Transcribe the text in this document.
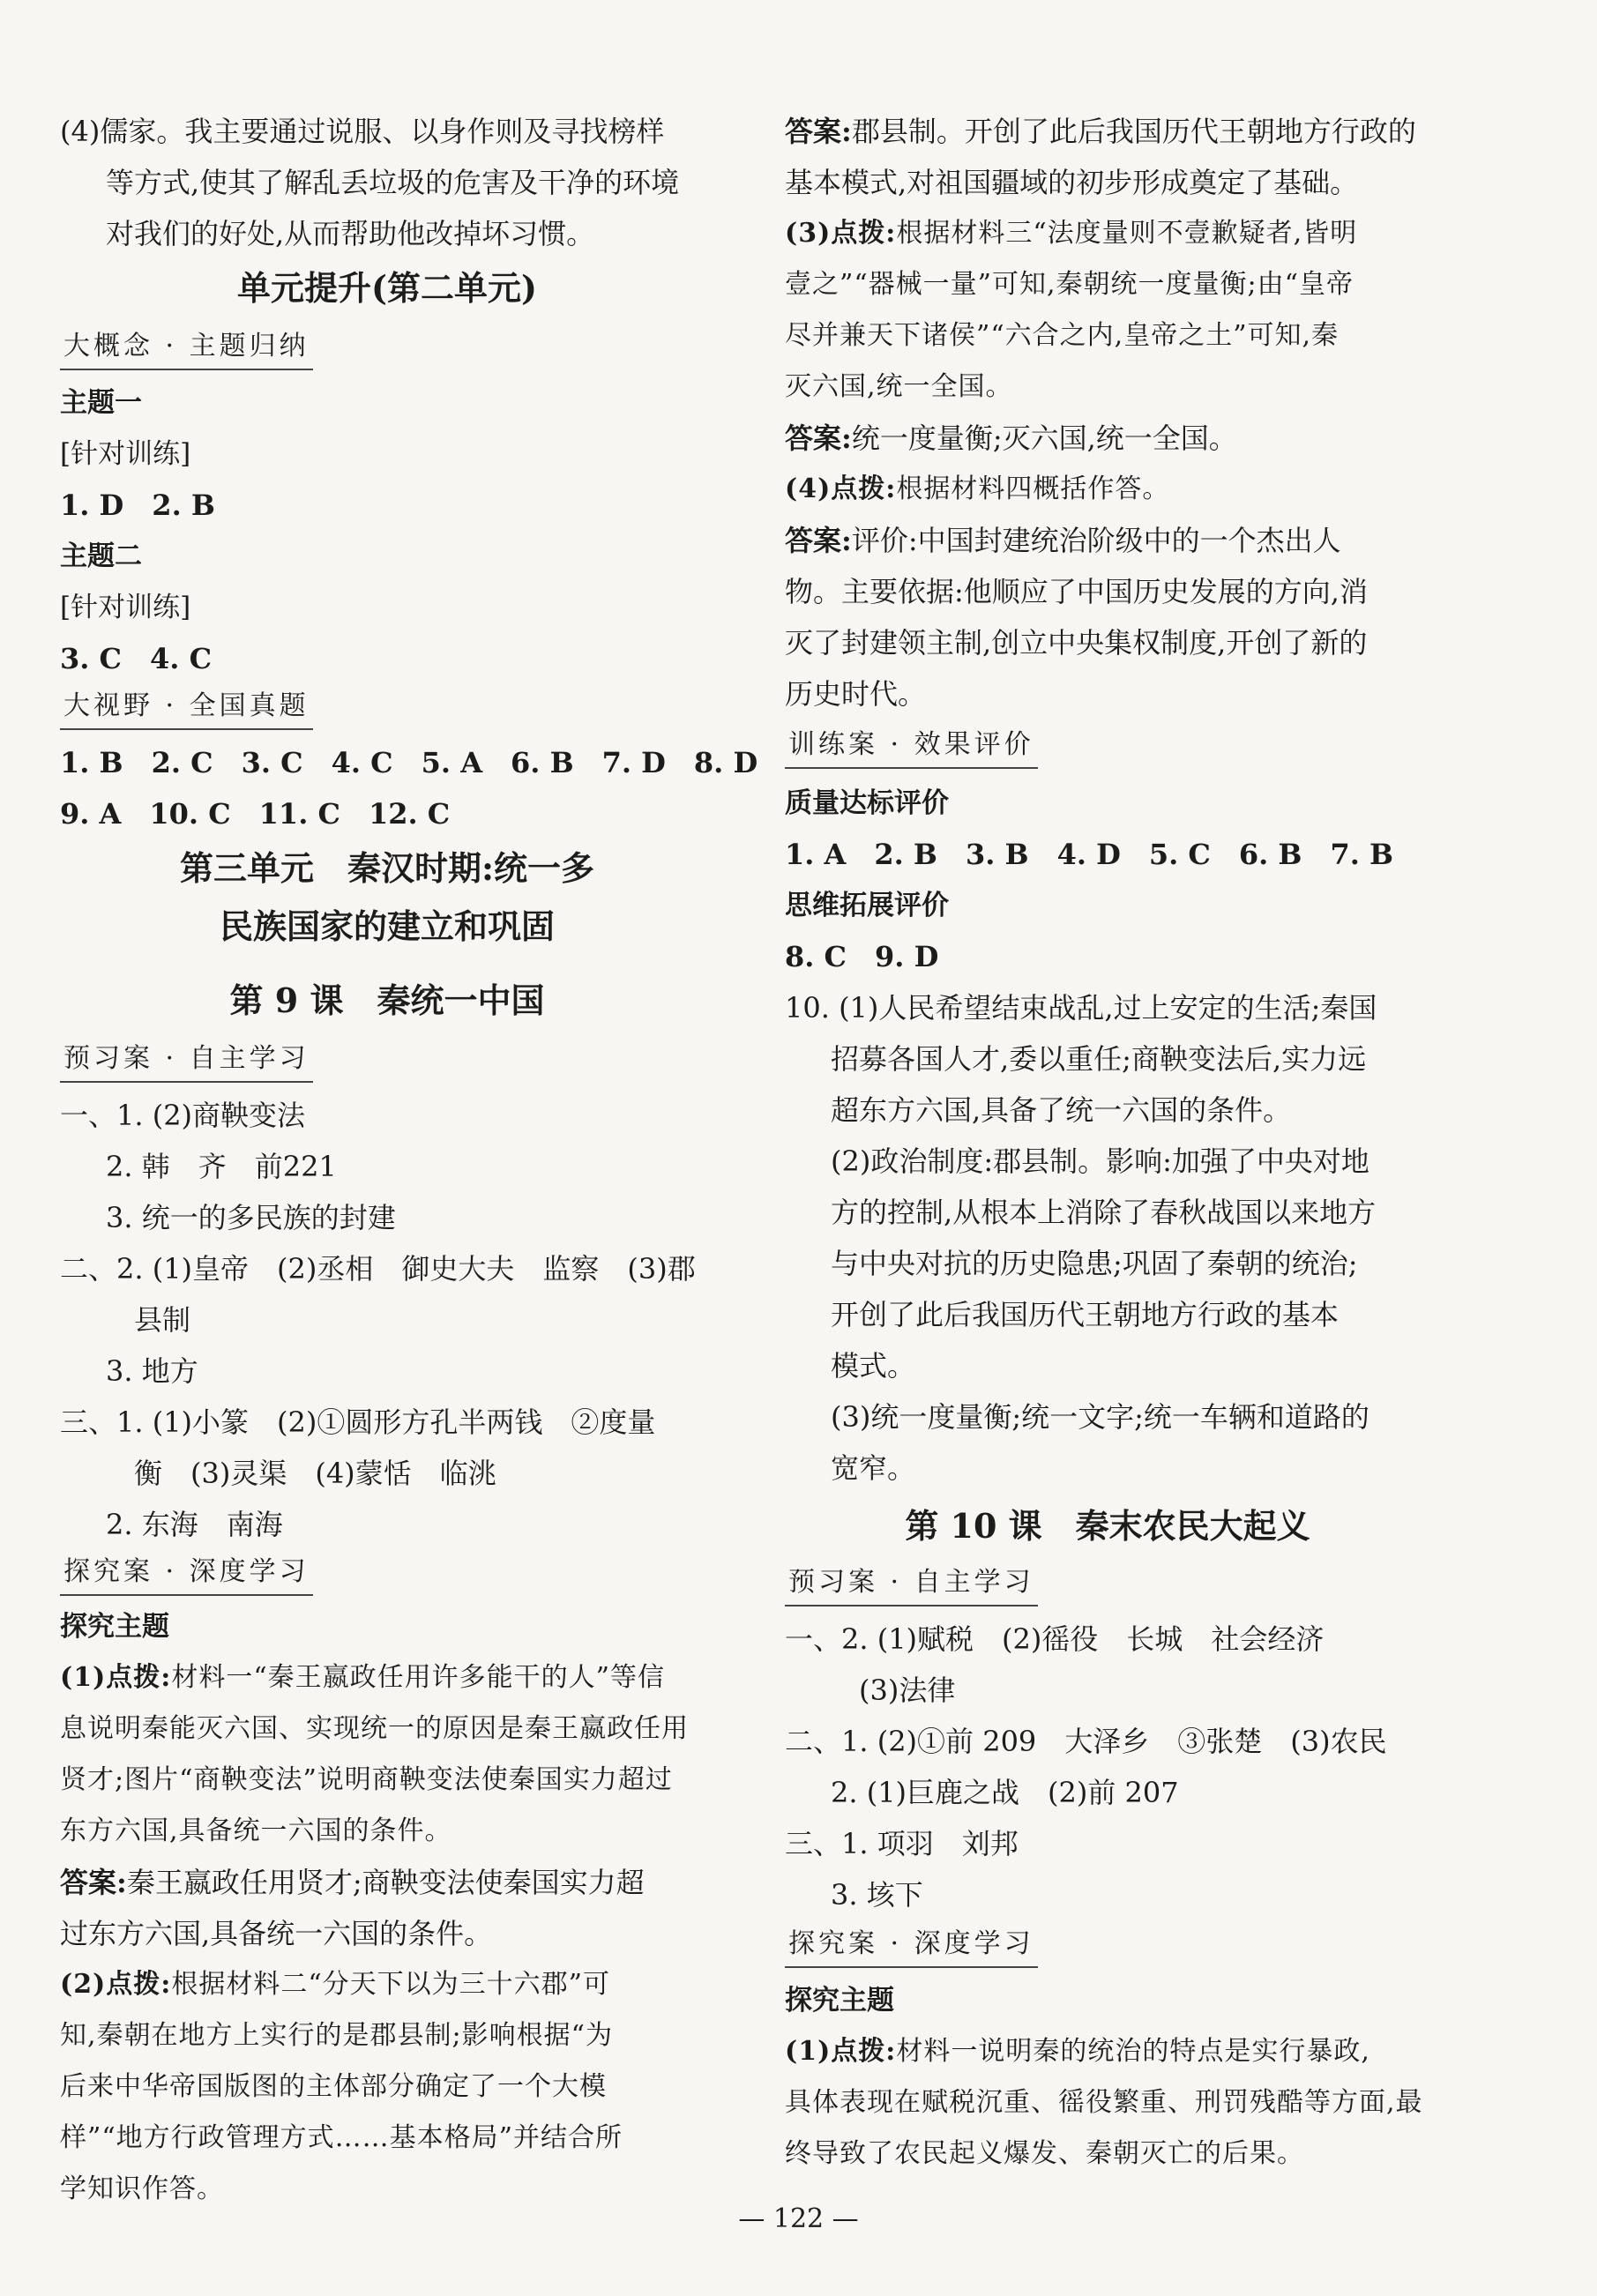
(4)儒家。我主要通过说服、以身作则及寻找榜样

等方式,使其了解乱丢垃圾的危害及干净的环境

对我们的好处,从而帮助他改掉坏习惯。

单元提升(第二单元)
大概念 · 主题归纳

主题一

[针对训练]

1. D　2. B

主题二

[针对训练]

3. C　4. C

大视野 · 全国真题

1. B　2. C　3. C　4. C　5. A　6. B　7. D　8. D

9. A　10. C　11. C　12. C

第三单元　秦汉时期:统一多
民族国家的建立和巩固
第 9 课　秦统一中国
预习案 · 自主学习

一、1. (2)商鞅变法

2. 韩　齐　前221

3. 统一的多民族的封建

二、2. (1)皇帝　(2)丞相　御史大夫　监察　(3)郡

县制

3. 地方

三、1. (1)小篆　(2)①圆形方孔半两钱　②度量

衡　(3)灵渠　(4)蒙恬　临洮

2. 东海　南海

探究案 · 深度学习

探究主题

(1)点拨:材料一“秦王嬴政任用许多能干的人”等信

息说明秦能灭六国、实现统一的原因是秦王嬴政任用

贤才;图片“商鞅变法”说明商鞅变法使秦国实力超过

东方六国,具备统一六国的条件。

答案:秦王嬴政任用贤才;商鞅变法使秦国实力超

过东方六国,具备统一六国的条件。

(2)点拨:根据材料二“分天下以为三十六郡”可

知,秦朝在地方上实行的是郡县制;影响根据“为

后来中华帝国版图的主体部分确定了一个大模

样”“地方行政管理方式……基本格局”并结合所

学知识作答。

答案:郡县制。开创了此后我国历代王朝地方行政的

基本模式,对祖国疆域的初步形成奠定了基础。

(3)点拨:根据材料三“法度量则不壹歉疑者,皆明

壹之”“器械一量”可知,秦朝统一度量衡;由“皇帝

尽并兼天下诸侯”“六合之内,皇帝之土”可知,秦

灭六国,统一全国。

答案:统一度量衡;灭六国,统一全国。

(4)点拨:根据材料四概括作答。

答案:评价:中国封建统治阶级中的一个杰出人

物。主要依据:他顺应了中国历史发展的方向,消

灭了封建领主制,创立中央集权制度,开创了新的

历史时代。

训练案 · 效果评价

质量达标评价

1. A　2. B　3. B　4. D　5. C　6. B　7. B

思维拓展评价

8. C　9. D

10. (1)人民希望结束战乱,过上安定的生活;秦国

招募各国人才,委以重任;商鞅变法后,实力远

超东方六国,具备了统一六国的条件。

(2)政治制度:郡县制。影响:加强了中央对地

方的控制,从根本上消除了春秋战国以来地方

与中央对抗的历史隐患;巩固了秦朝的统治;

开创了此后我国历代王朝地方行政的基本

模式。

(3)统一度量衡;统一文字;统一车辆和道路的

宽窄。

第 10 课　秦末农民大起义
预习案 · 自主学习

一、2. (1)赋税　(2)徭役　长城　社会经济

(3)法律

二、1. (2)①前 209　大泽乡　③张楚　(3)农民

2. (1)巨鹿之战　(2)前 207

三、1. 项羽　刘邦

3. 垓下

探究案 · 深度学习

探究主题

(1)点拨:材料一说明秦的统治的特点是实行暴政,

具体表现在赋税沉重、徭役繁重、刑罚残酷等方面,最

终导致了农民起义爆发、秦朝灭亡的后果。

— 122 —
